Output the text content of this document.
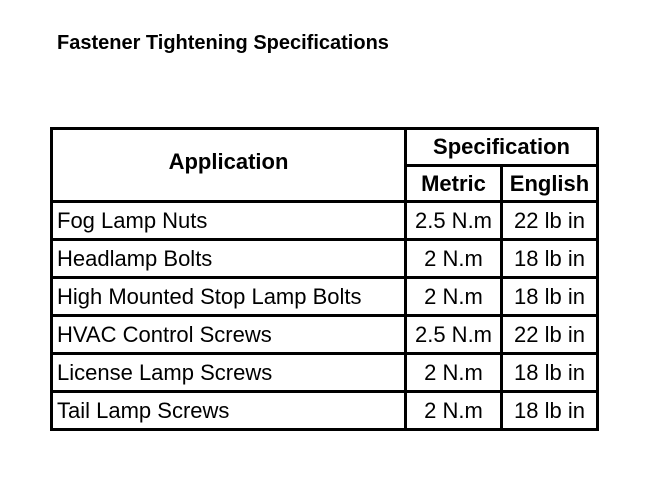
Fastener Tightening Specifications
Application	Specification	
	Metric	English
Fog Lamp Nuts	2.5 N.m	22 lb in
Headlamp Bolts	2 N.m	18 lb in
High Mounted Stop Lamp Bolts	2 N.m	18 lb in
HVAC Control Screws	2.5 N.m	22 lb in
License Lamp Screws	2 N.m	18 lb in
Tail Lamp Screws	2 N.m	18 lb in
